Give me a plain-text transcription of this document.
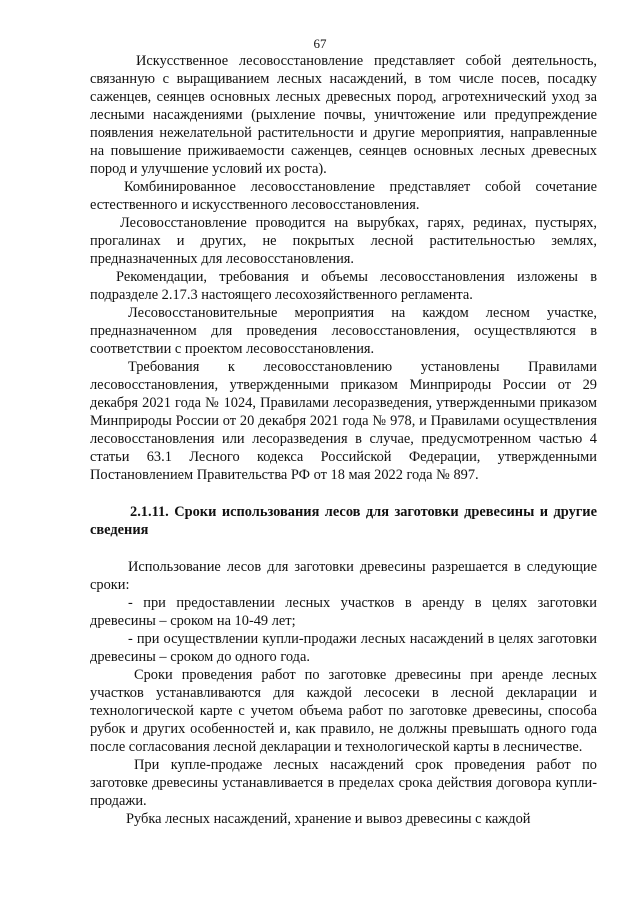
67

Искусственное лесовосстановление представляет собой деятельность, связанную с выращиванием лесных насаждений, в том числе посев, посадку саженцев, сеянцев основных лесных древесных пород, агротехнический уход за лесными насаждениями (рыхление почвы, уничтожение или предупреждение появления нежелательной растительности и другие мероприятия, направленные на повышение приживаемости саженцев, сеянцев основных лесных древесных пород и улучшение условий их роста).

Комбинированное лесовосстановление представляет собой сочетание естественного и искусственного лесовосстановления.

Лесовосстановление проводится на вырубках, гарях, рединах, пустырях, прогалинах и других, не покрытых лесной растительностью землях, предназначенных для лесовосстановления.

Рекомендации, требования и объемы лесовосстановления изложены в подразделе 2.17.3 настоящего лесохозяйственного регламента.

Лесовосстановительные мероприятия на каждом лесном участке, предназначенном для проведения лесовосстановления, осуществляются в соответствии с проектом лесовосстановления.

Требования к лесовосстановлению установлены Правилами лесовосстановления, утвержденными приказом Минприроды России от 29 декабря 2021 года № 1024, Правилами лесоразведения, утвержденными приказом Минприроды России от 20 декабря 2021 года № 978, и Правилами осуществления лесовосстановления или лесоразведения в случае, предусмотренном частью 4 статьи 63.1 Лесного кодекса Российской Федерации, утвержденными Постановлением Правительства РФ от 18 мая 2022 года № 897.

2.1.11. Сроки использования лесов для заготовки древесины и другие сведения

Использование лесов для заготовки древесины разрешается в следующие сроки:

- при предоставлении лесных участков в аренду в целях заготовки древесины – сроком на 10-49 лет;

- при осуществлении купли-продажи лесных насаждений в целях заготовки древесины – сроком до одного года.

Сроки проведения работ по заготовке древесины при аренде лесных участков устанавливаются для каждой лесосеки в лесной декларации и технологической карте с учетом объема работ по заготовке древесины, способа рубок и других особенностей и, как правило, не должны превышать одного года после согласования лесной декларации и технологической карты в лесничестве.

При купле-продаже лесных насаждений срок проведения работ по заготовке древесины устанавливается в пределах срока действия договора купли-продажи.

Рубка лесных насаждений, хранение и вывоз древесины с каждой
